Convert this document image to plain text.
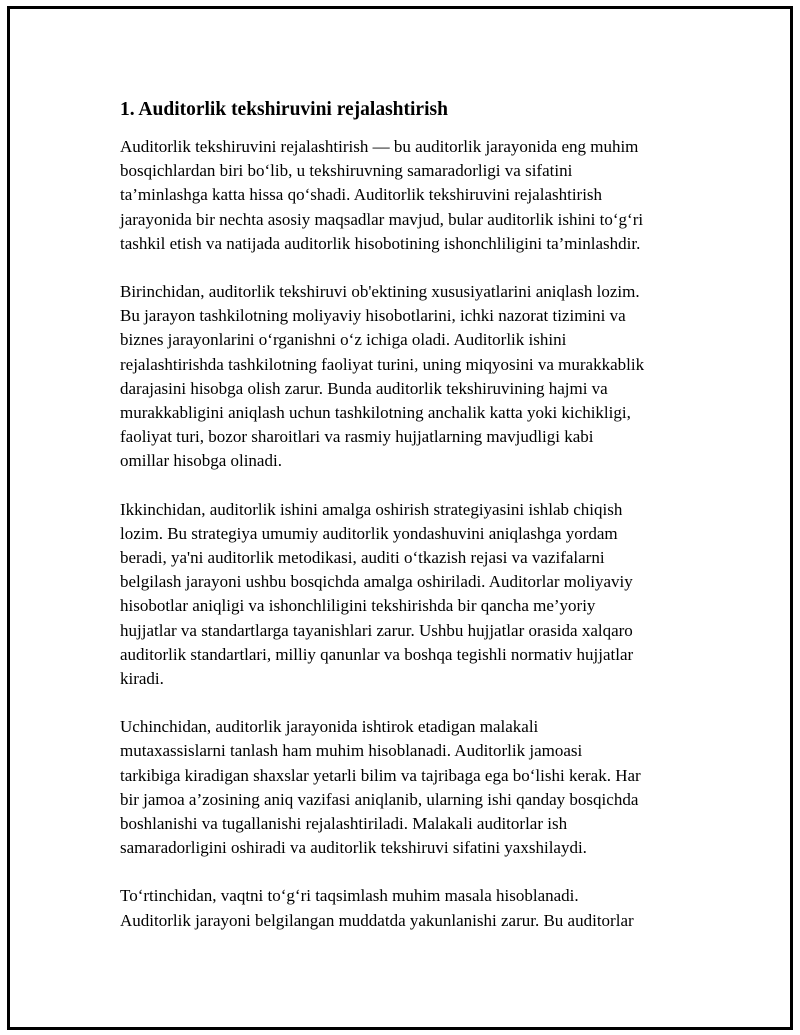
1. Auditorlik tekshiruvini rejalashtirish
Auditorlik tekshiruvini rejalashtirish — bu auditorlik jarayonida eng muhim
bosqichlardan biri bo‘lib, u tekshiruvning samaradorligi va sifatini
ta’minlashga katta hissa qo‘shadi. Auditorlik tekshiruvini rejalashtirish
jarayonida bir nechta asosiy maqsadlar mavjud, bular auditorlik ishini to‘g‘ri
tashkil etish va natijada auditorlik hisobotining ishonchliligini ta’minlashdir.
Birinchidan, auditorlik tekshiruvi ob'ektining xususiyatlarini aniqlash lozim.
Bu jarayon tashkilotning moliyaviy hisobotlarini, ichki nazorat tizimini va
biznes jarayonlarini o‘rganishni o‘z ichiga oladi. Auditorlik ishini
rejalashtirishda tashkilotning faoliyat turini, uning miqyosini va murakkablik
darajasini hisobga olish zarur. Bunda auditorlik tekshiruvining hajmi va
murakkabligini aniqlash uchun tashkilotning anchalik katta yoki kichikligi,
faoliyat turi, bozor sharoitlari va rasmiy hujjatlarning mavjudligi kabi
omillar hisobga olinadi.
Ikkinchidan, auditorlik ishini amalga oshirish strategiyasini ishlab chiqish
lozim. Bu strategiya umumiy auditorlik yondashuvini aniqlashga yordam
beradi, ya'ni auditorlik metodikasi, auditi o‘tkazish rejasi va vazifalarni
belgilash jarayoni ushbu bosqichda amalga oshiriladi. Auditorlar moliyaviy
hisobotlar aniqligi va ishonchliligini tekshirishda bir qancha me’yoriy
hujjatlar va standartlarga tayanishlari zarur. Ushbu hujjatlar orasida xalqaro
auditorlik standartlari, milliy qanunlar va boshqa tegishli normativ hujjatlar
kiradi.
Uchinchidan, auditorlik jarayonida ishtirok etadigan malakali
mutaxassislarni tanlash ham muhim hisoblanadi. Auditorlik jamoasi
tarkibiga kiradigan shaxslar yetarli bilim va tajribaga ega bo‘lishi kerak. Har
bir jamoa a’zosining aniq vazifasi aniqlanib, ularning ishi qanday bosqichda
boshlanishi va tugallanishi rejalashtiriladi. Malakali auditorlar ish
samaradorligini oshiradi va auditorlik tekshiruvi sifatini yaxshilaydi.
To‘rtinchidan, vaqtni to‘g‘ri taqsimlash muhim masala hisoblanadi.
Auditorlik jarayoni belgilangan muddatda yakunlanishi zarur. Bu auditorlar
